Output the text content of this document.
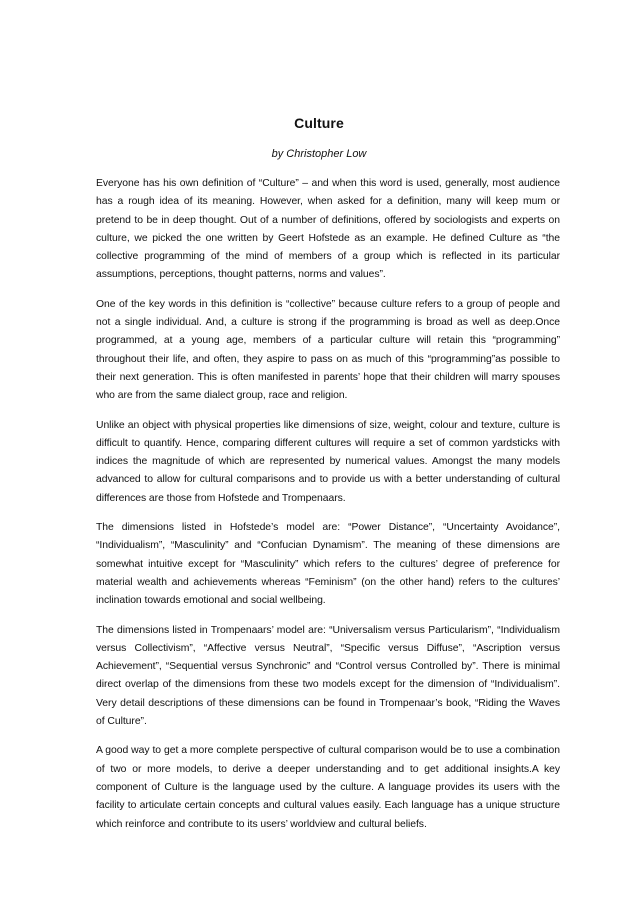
Culture
by Christopher Low

Everyone has his own definition of “Culture” – and when this word is used, generally, most audience has a rough idea of its meaning. However, when asked for a definition, many will keep mum or pretend to be in deep thought. Out of a number of definitions, offered by sociologists and experts on culture, we picked the one written by Geert Hofstede as an example. He defined Culture as “the collective programming of the mind of members of a group which is reflected in its particular assumptions, perceptions, thought patterns, norms and values”.

One of the key words in this definition is “collective” because culture refers to a group of people and not a single individual. And, a culture is strong if the programming is broad as well as deep.Once programmed, at a young age, members of a particular culture will retain this “programming” throughout their life, and often, they aspire to pass on as much of this “programming”as possible to their next generation. This is often manifested in parents’ hope that their children will marry spouses who are from the same dialect group, race and religion.

Unlike an object with physical properties like dimensions of size, weight, colour and texture, culture is difficult to quantify. Hence, comparing different cultures will require a set of common yardsticks with indices the magnitude of which are represented by numerical values. Amongst the many models advanced to allow for cultural comparisons and to provide us with a better understanding of cultural differences are those from Hofstede and Trompenaars.

The dimensions listed in Hofstede’s model are: “Power Distance”, “Uncertainty Avoidance”, “Individualism”, “Masculinity” and “Confucian Dynamism”. The meaning of these dimensions are somewhat intuitive except for “Masculinity” which refers to the cultures’ degree of preference for material wealth and achievements whereas “Feminism” (on the other hand) refers to the cultures’ inclination towards emotional and social wellbeing.

The dimensions listed in Trompenaars’ model are: “Universalism versus Particularism”, “Individualism versus Collectivism”, “Affective versus Neutral”, “Specific versus Diffuse”, “Ascription versus Achievement”, “Sequential versus Synchronic” and “Control versus Controlled by”. There is minimal direct overlap of the dimensions from these two models except for the dimension of “Individualism”. Very detail descriptions of these dimensions can be found in Trompenaar’s book, “Riding the Waves of Culture”.

A good way to get a more complete perspective of cultural comparison would be to use a combination of two or more models, to derive a deeper understanding and to get additional insights.A key component of Culture is the language used by the culture. A language provides its users with the facility to articulate certain concepts and cultural values easily. Each language has a unique structure which reinforce and contribute to its users’ worldview and cultural beliefs.
